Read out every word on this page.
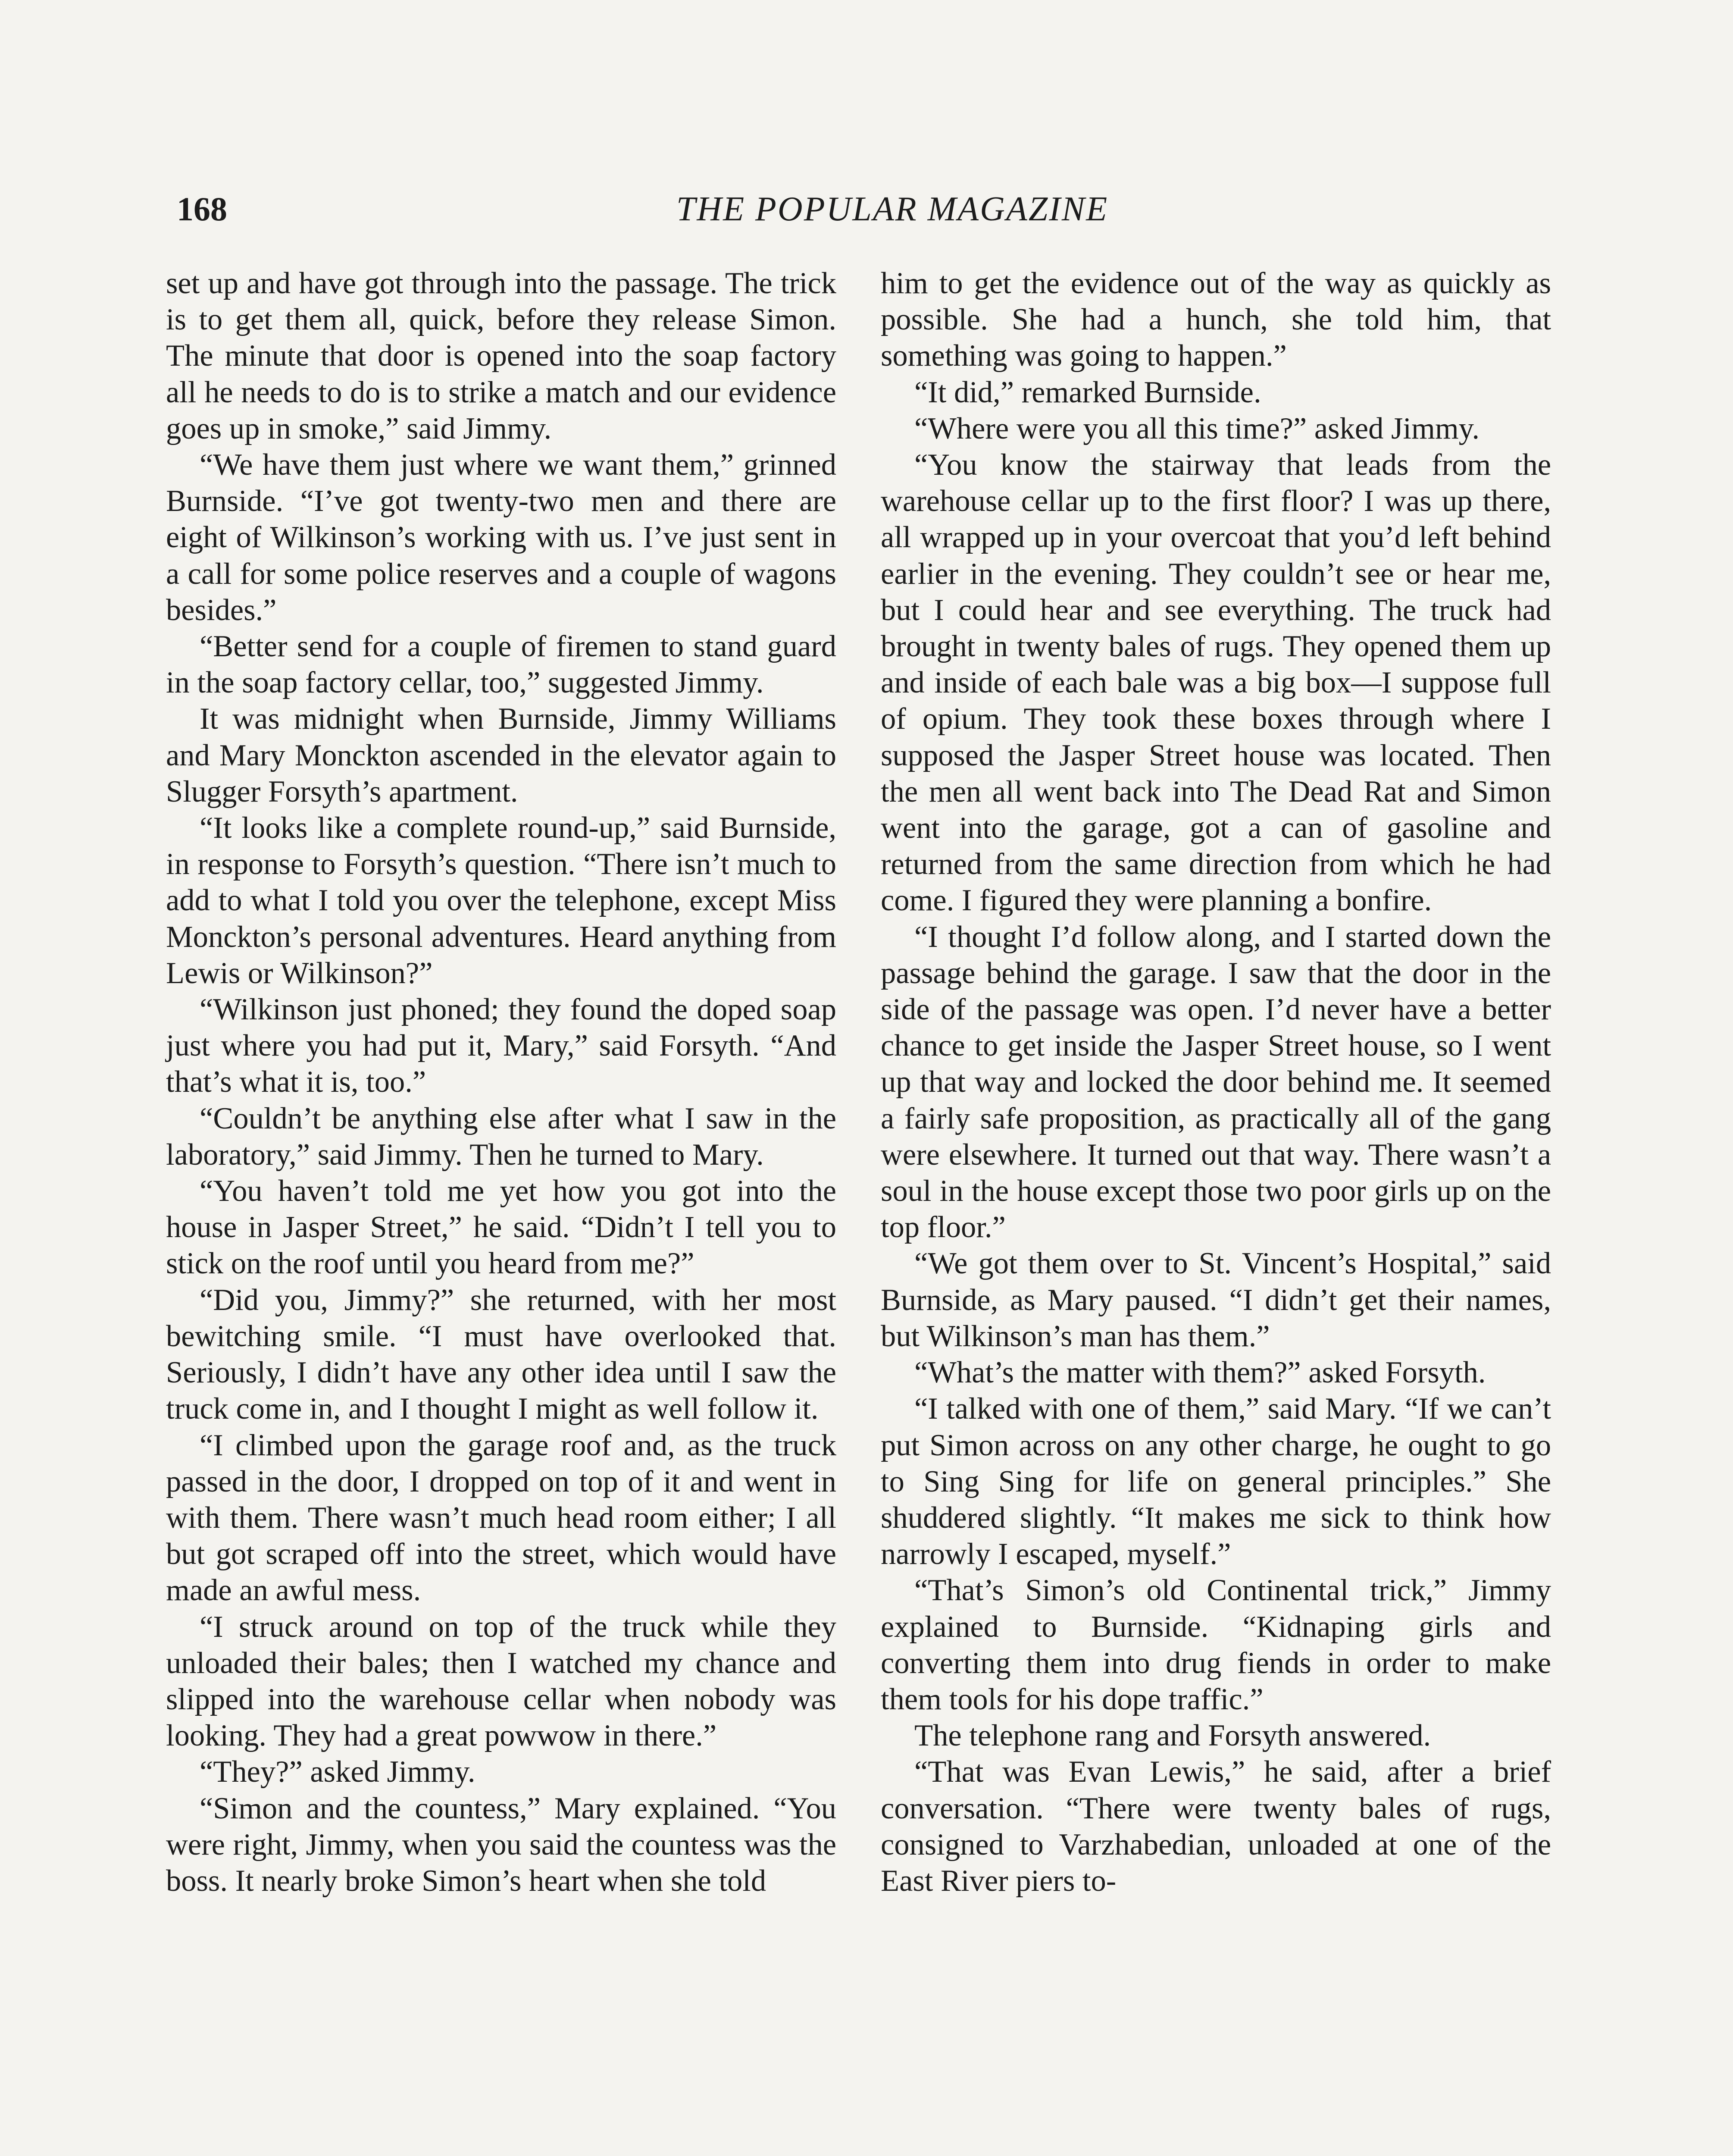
168	THE POPULAR MAGAZINE

set up and have got through into the passage. The trick is to get them all, quick, before they release Simon. The minute that door is opened into the soap factory all he needs to do is to strike a match and our evidence goes up in smoke,” said Jimmy.

“We have them just where we want them,” grinned Burnside. “I’ve got twenty-two men and there are eight of Wilkinson’s working with us. I’ve just sent in a call for some police reserves and a couple of wagons besides.”

“Better send for a couple of firemen to stand guard in the soap factory cellar, too,” suggested Jimmy.

It was midnight when Burnside, Jimmy Williams and Mary Monckton ascended in the elevator again to Slugger Forsyth’s apartment.

“It looks like a complete round-up,” said Burnside, in response to Forsyth’s question. “There isn’t much to add to what I told you over the telephone, except Miss Monckton’s personal adventures. Heard anything from Lewis or Wilkinson?”

“Wilkinson just phoned; they found the doped soap just where you had put it, Mary,” said Forsyth. “And that’s what it is, too.”

“Couldn’t be anything else after what I saw in the laboratory,” said Jimmy. Then he turned to Mary.

“You haven’t told me yet how you got into the house in Jasper Street,” he said. “Didn’t I tell you to stick on the roof until you heard from me?”

“Did you, Jimmy?” she returned, with her most bewitching smile. “I must have overlooked that. Seriously, I didn’t have any other idea until I saw the truck come in, and I thought I might as well follow it.

“I climbed upon the garage roof and, as the truck passed in the door, I dropped on top of it and went in with them. There wasn’t much head room either; I all but got scraped off into the street, which would have made an awful mess.

“I struck around on top of the truck while they unloaded their bales; then I watched my chance and slipped into the warehouse cellar when nobody was looking. They had a great powwow in there.”

“They?” asked Jimmy.

“Simon and the countess,” Mary explained. “You were right, Jimmy, when you said the countess was the boss. It nearly broke Simon’s heart when she told

him to get the evidence out of the way as quickly as possible. She had a hunch, she told him, that something was going to happen.”

“It did,” remarked Burnside.

“Where were you all this time?” asked Jimmy.

“You know the stairway that leads from the warehouse cellar up to the first floor? I was up there, all wrapped up in your overcoat that you’d left behind earlier in the evening. They couldn’t see or hear me, but I could hear and see everything. The truck had brought in twenty bales of rugs. They opened them up and inside of each bale was a big box—I suppose full of opium. They took these boxes through where I supposed the Jasper Street house was located. Then the men all went back into The Dead Rat and Simon went into the garage, got a can of gasoline and returned from the same direction from which he had come. I figured they were planning a bonfire.

“I thought I’d follow along, and I started down the passage behind the garage. I saw that the door in the side of the passage was open. I’d never have a better chance to get inside the Jasper Street house, so I went up that way and locked the door behind me. It seemed a fairly safe proposition, as practically all of the gang were elsewhere. It turned out that way. There wasn’t a soul in the house except those two poor girls up on the top floor.”

“We got them over to St. Vincent’s Hospital,” said Burnside, as Mary paused. “I didn’t get their names, but Wilkinson’s man has them.”

“What’s the matter with them?” asked Forsyth.

“I talked with one of them,” said Mary. “If we can’t put Simon across on any other charge, he ought to go to Sing Sing for life on general principles.” She shuddered slightly. “It makes me sick to think how narrowly I escaped, myself.”

“That’s Simon’s old Continental trick,” Jimmy explained to Burnside. “Kidnaping girls and converting them into drug fiends in order to make them tools for his dope traffic.”

The telephone rang and Forsyth answered.

“That was Evan Lewis,” he said, after a brief conversation. “There were twenty bales of rugs, consigned to Varzhabedian, unloaded at one of the East River piers to-
